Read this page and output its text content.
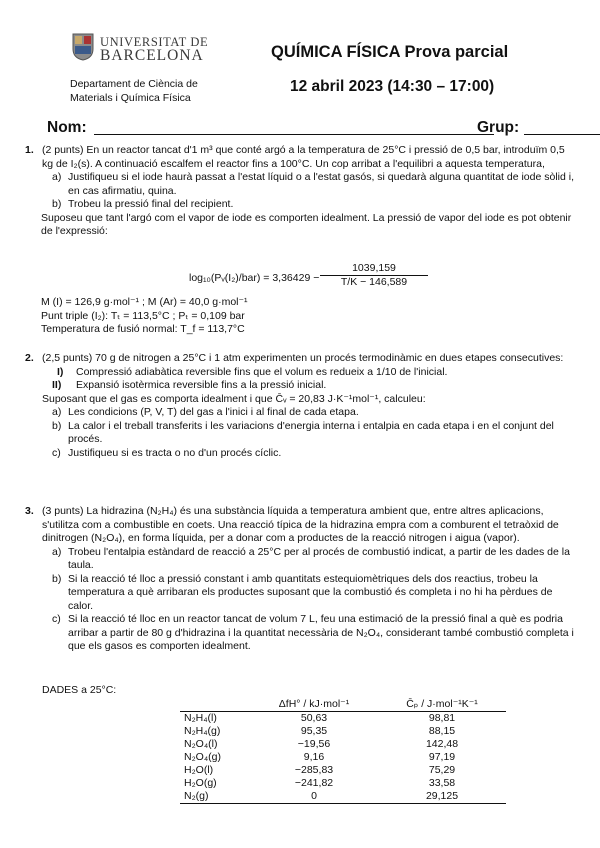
UNIVERSITAT DE
BARCELONA
Departament de Ciència de
Materials i Química Física
QUÍMICA FÍSICA Prova parcial
12 abril 2023 (14:30 – 17:00)
Nom:	Grup:
1. (2 punts) En un reactor tancat d'1 m³ que conté argó a la temperatura de 25°C i pressió de 0,5 bar, introduïm 0,5 kg de I₂(s). A continuació escalfem el reactor fins a 100°C. Un cop arribat a l'equilibri a aquesta temperatura,

a) Justifiqueu si el iode haurà passat a l'estat líquid o a l'estat gasós, si quedarà alguna quantitat de iode sòlid i, en cas afirmatiu, quina.

b) Trobeu la pressió final del recipient.

Suposeu que tant l'argó com el vapor de iode es comporten idealment. La pressió de vapor del iode es pot obtenir de l'expressió:

log₁₀(Pᵥ(I₂)/bar) = $3,36429 - \frac{1039,159}{T/K - 146,589}$

M (I) = 126,9 g·mol⁻¹ ; M (Ar) = 40,0 g·mol⁻¹

Punt triple (I₂): Tₜ = 113,5°C ; Pₜ = 0,109 bar

Temperatura de fusió normal: T_f = 113,7°C

2. (2,5 punts) 70 g de nitrogen a 25°C i 1 atm experimenten un procés termodinàmic en dues etapes consecutives:

I) Compressió adiabàtica reversible fins que el volum es redueix a 1/10 de l'inicial.

II) Expansió isotèrmica reversible fins a la pressió inicial.

Suposant que el gas es comporta idealment i que C̄ᵥ = 20,83 J·K⁻¹mol⁻¹, calculeu:

a) Les condicions (P, V, T) del gas a l'inici i al final de cada etapa.

b) La calor i el treball transferits i les variacions d'energia interna i entalpia en cada etapa i en el conjunt del procés.

c) Justifiqueu si es tracta o no d'un procés cíclic.

3. (3 punts) La hidrazina (N₂H₄) és una substància líquida a temperatura ambient que, entre altres aplicacions, s'utilitza com a combustible en coets. Una reacció típica de la hidrazina empra com a comburent el tetraòxid de dinitrogen (N₂O₄), en forma líquida, per a donar com a productes de la reacció nitrogen i aigua (vapor).

a) Trobeu l'entalpia estàndard de reacció a 25°C per al procés de combustió indicat, a partir de les dades de la taula.

b) Si la reacció té lloc a pressió constant i amb quantitats estequiomètriques dels dos reactius, trobeu la temperatura a què arribaran els productes suposant que la combustió és completa i no hi ha pèrdues de calor.

c) Si la reacció té lloc en un reactor tancat de volum 7 L, feu una estimació de la pressió final a què es podria arribar a partir de 80 g d'hidrazina i la quantitat necessària de N₂O₄, considerant també combustió completa i que els gasos es comporten idealment.

DADES a 25°C:
	ΔfH° / kJ·mol⁻¹	C̄ₚ / J·mol⁻¹K⁻¹
N₂H₄(l)	50,63	98,81
N₂H₄(g)	95,35	88,15
N₂O₄(l)	−19,56	142,48
N₂O₄(g)	9,16	97,19
H₂O(l)	−285,83	75,29
H₂O(g)	−241,82	33,58
N₂(g)	0	29,125
